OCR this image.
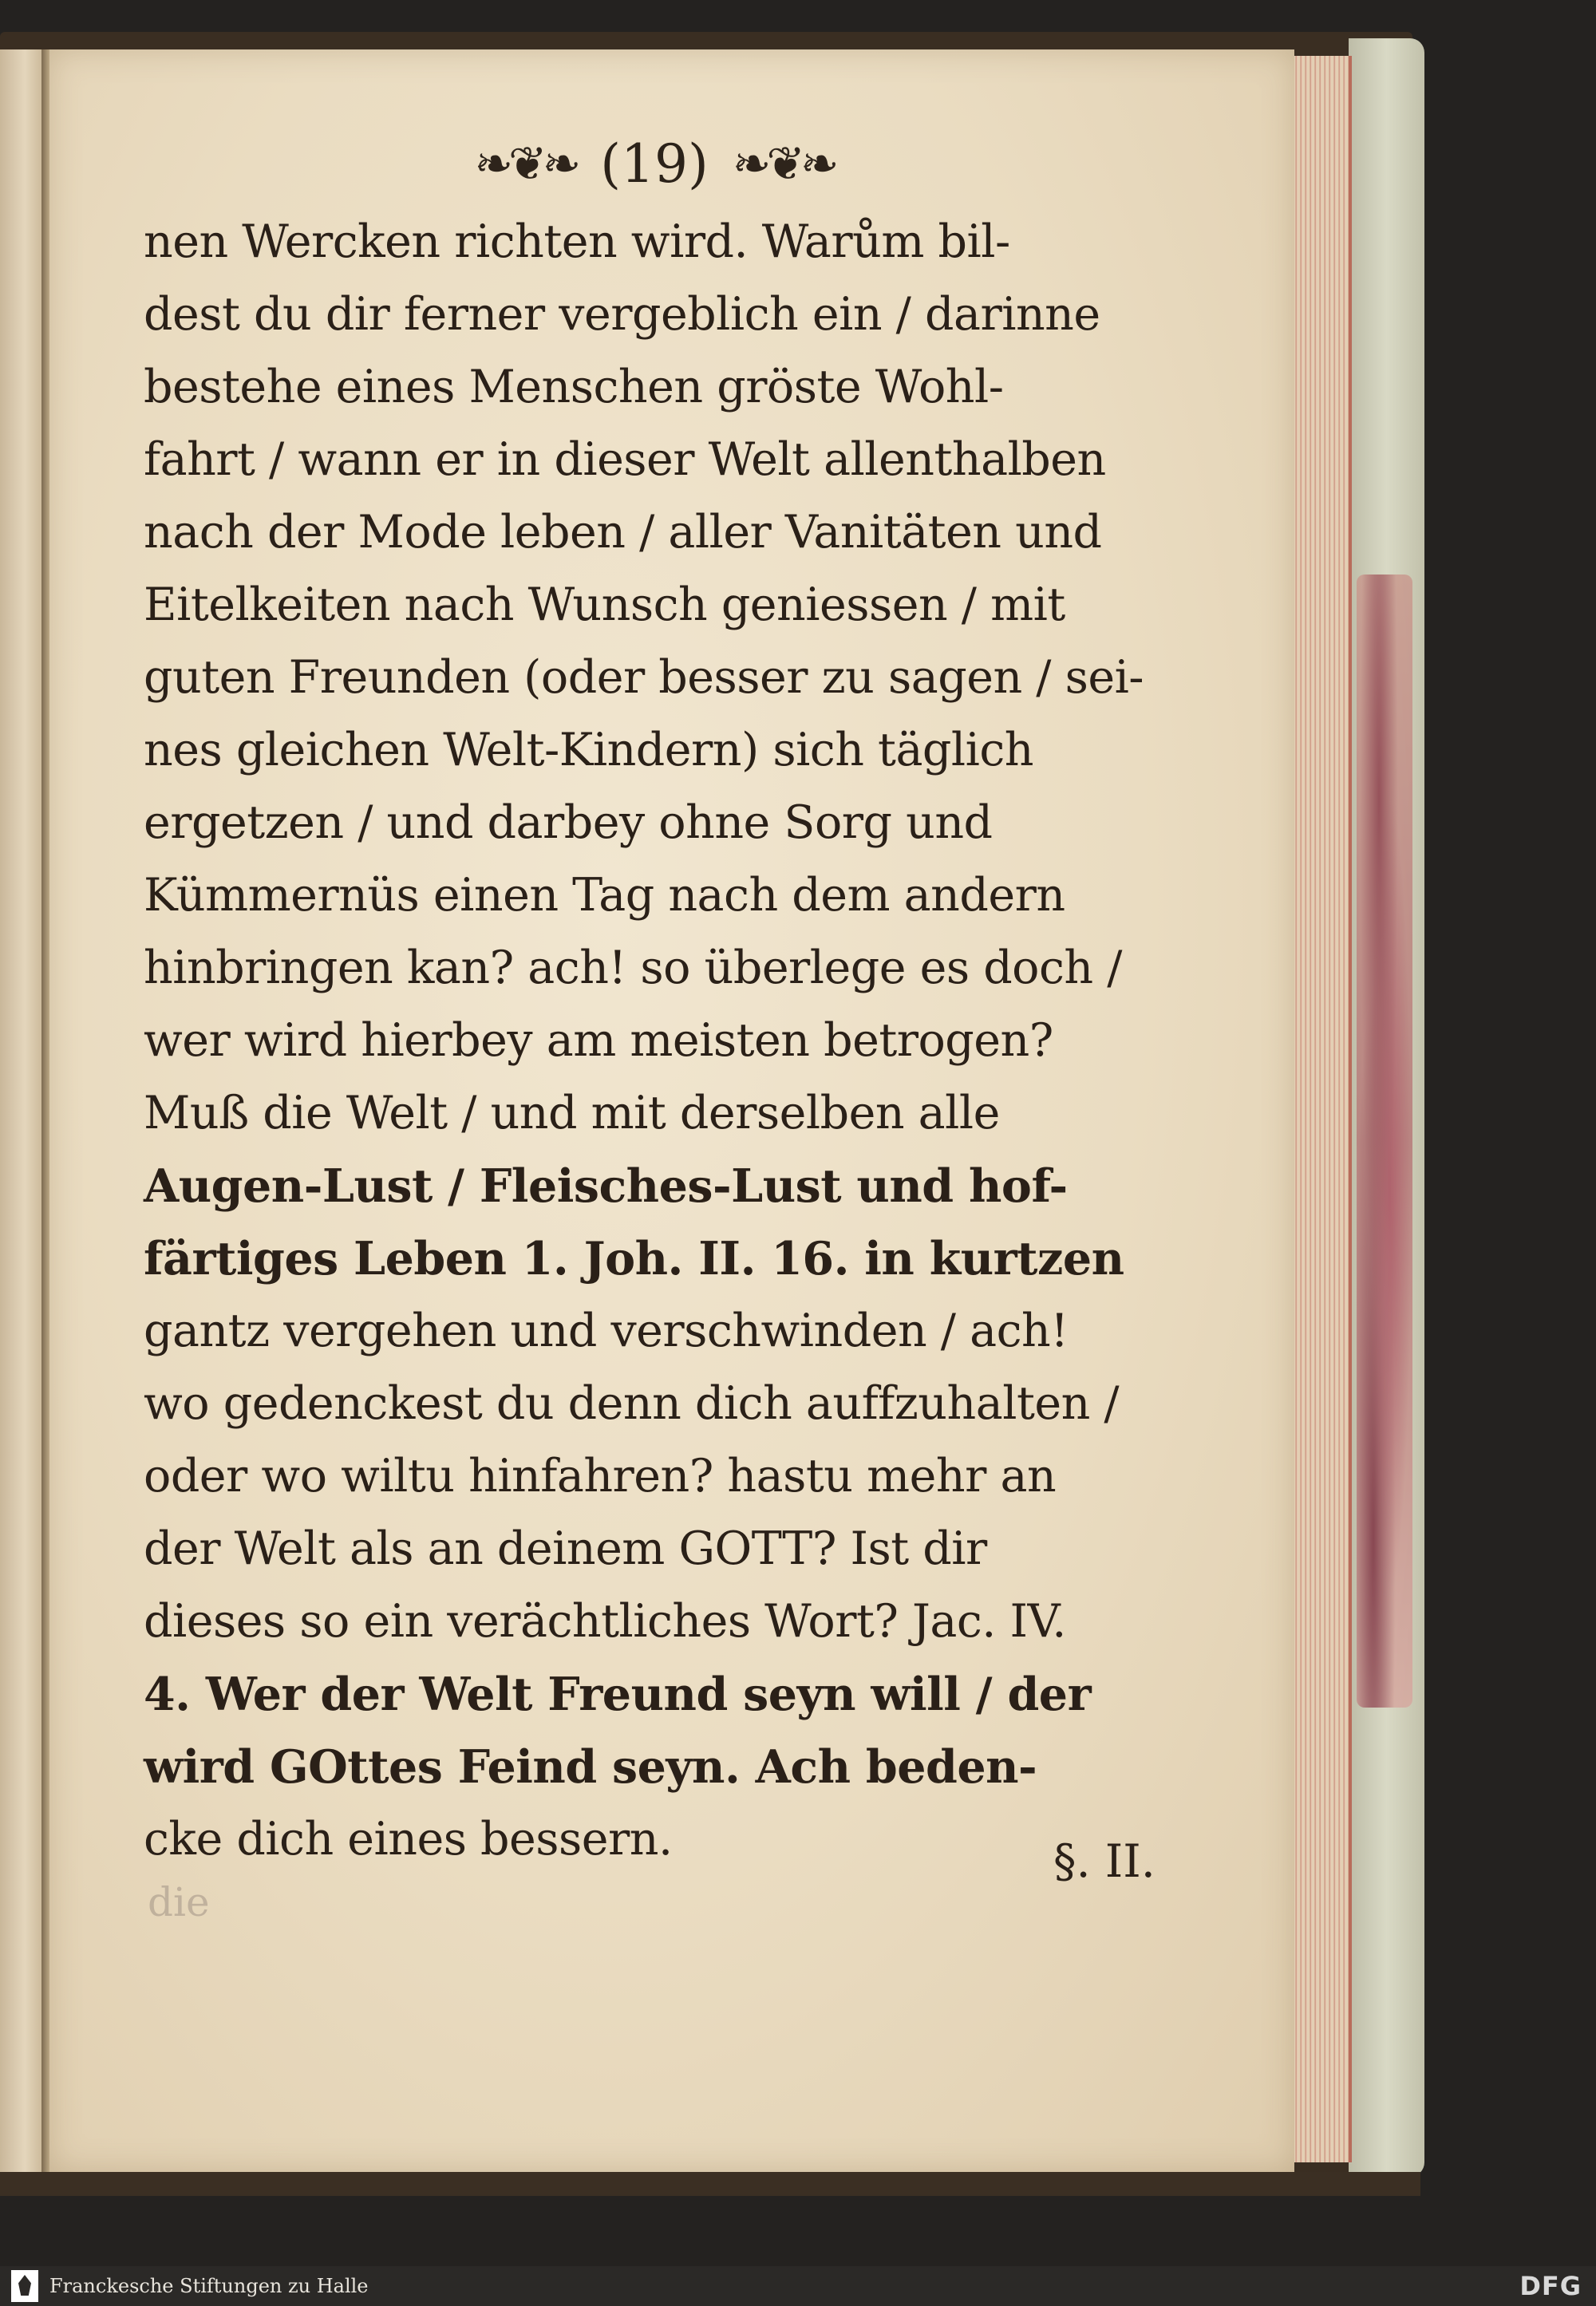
❧❦❧ (19) ❧❦❧
nen Wercken richten wird. Warům bil-
dest du dir ferner vergeblich ein / darinne
bestehe eines Menschen gröste Wohl-
fahrt / wann er in dieser Welt allenthalben
nach der Mode leben / aller Vanitäten und
Eitelkeiten nach Wunsch geniessen / mit
guten Freunden (oder besser zu sagen / sei-
nes gleichen Welt-Kindern) sich täglich
ergetzen / und darbey ohne Sorg und
Kümmernüs einen Tag nach dem andern
hinbringen kan? ach! so überlege es doch /
wer wird hierbey am meisten betrogen?
Muß die Welt / und mit derselben alle
Augen-Lust / Fleisches-Lust und hof-
färtiges Leben 1. Joh. II. 16. in kurtzen
gantz vergehen und verschwinden / ach!
wo gedenckest du denn dich auffzuhalten /
oder wo wiltu hinfahren? hastu mehr an
der Welt als an deinem GOTT? Ist dir
dieses so ein verächtliches Wort? Jac. IV.
4. Wer der Welt Freund seyn will / der
wird GOttes Feind seyn. Ach beden-
cke dich eines bessern.	§. II.
die
Franckesche Stiftungen zu Halle	DFG
